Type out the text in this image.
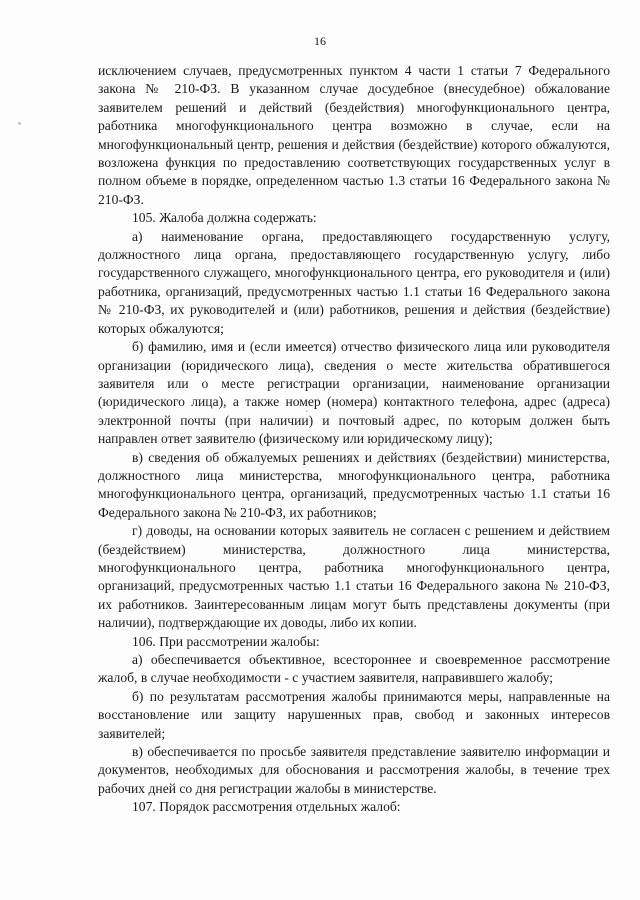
16

исключением случаев, предусмотренных пунктом 4 части 1 статьи 7 Федерального закона № 210-ФЗ. В указанном случае досудебное (внесудебное) обжалование заявителем решений и действий (бездействия) многофункционального центра, работника многофункционального центра возможно в случае, если на многофункциональный центр, решения и действия (бездействие) которого обжалуются, возложена функция по предоставлению соответствующих государственных услуг в полном объеме в порядке, определенном частью 1.3 статьи 16 Федерального закона № 210-ФЗ.

105. Жалоба должна содержать:

а) наименование органа, предоставляющего государственную услугу, должностного лица органа, предоставляющего государственную услугу, либо государственного служащего, многофункционального центра, его руководителя и (или) работника, организаций, предусмотренных частью 1.1 статьи 16 Федерального закона № 210-ФЗ, их руководителей и (или) работников, решения и действия (бездействие) которых обжалуются;

б) фамилию, имя и (если имеется) отчество физического лица или руководителя организации (юридического лица), сведения о месте жительства обратившегося заявителя или о месте регистрации организации, наименование организации (юридического лица), а также номер (номера) контактного телефона, адрес (адреса) электронной почты (при наличии) и почтовый адрес, по которым должен быть направлен ответ заявителю (физическому или юридическому лицу);

в) сведения об обжалуемых решениях и действиях (бездействии) министерства, должностного лица министерства, многофункционального центра, работника многофункционального центра, организаций, предусмотренных частью 1.1 статьи 16 Федерального закона № 210-ФЗ, их работников;

г) доводы, на основании которых заявитель не согласен с решением и действием (бездействием) министерства, должностного лица министерства, многофункционального центра, работника многофункционального центра, организаций, предусмотренных частью 1.1 статьи 16 Федерального закона № 210-ФЗ, их работников. Заинтересованным лицам могут быть представлены документы (при наличии), подтверждающие их доводы, либо их копии.

106. При рассмотрении жалобы:

а) обеспечивается объективное, всестороннее и своевременное рассмотрение жалоб, в случае необходимости - с участием заявителя, направившего жалобу;

б) по результатам рассмотрения жалобы принимаются меры, направленные на восстановление или защиту нарушенных прав, свобод и законных интересов заявителей;

в) обеспечивается по просьбе заявителя представление заявителю информации и документов, необходимых для обоснования и рассмотрения жалобы, в течение трех рабочих дней со дня регистрации жалобы в министерстве.

107. Порядок рассмотрения отдельных жалоб:
